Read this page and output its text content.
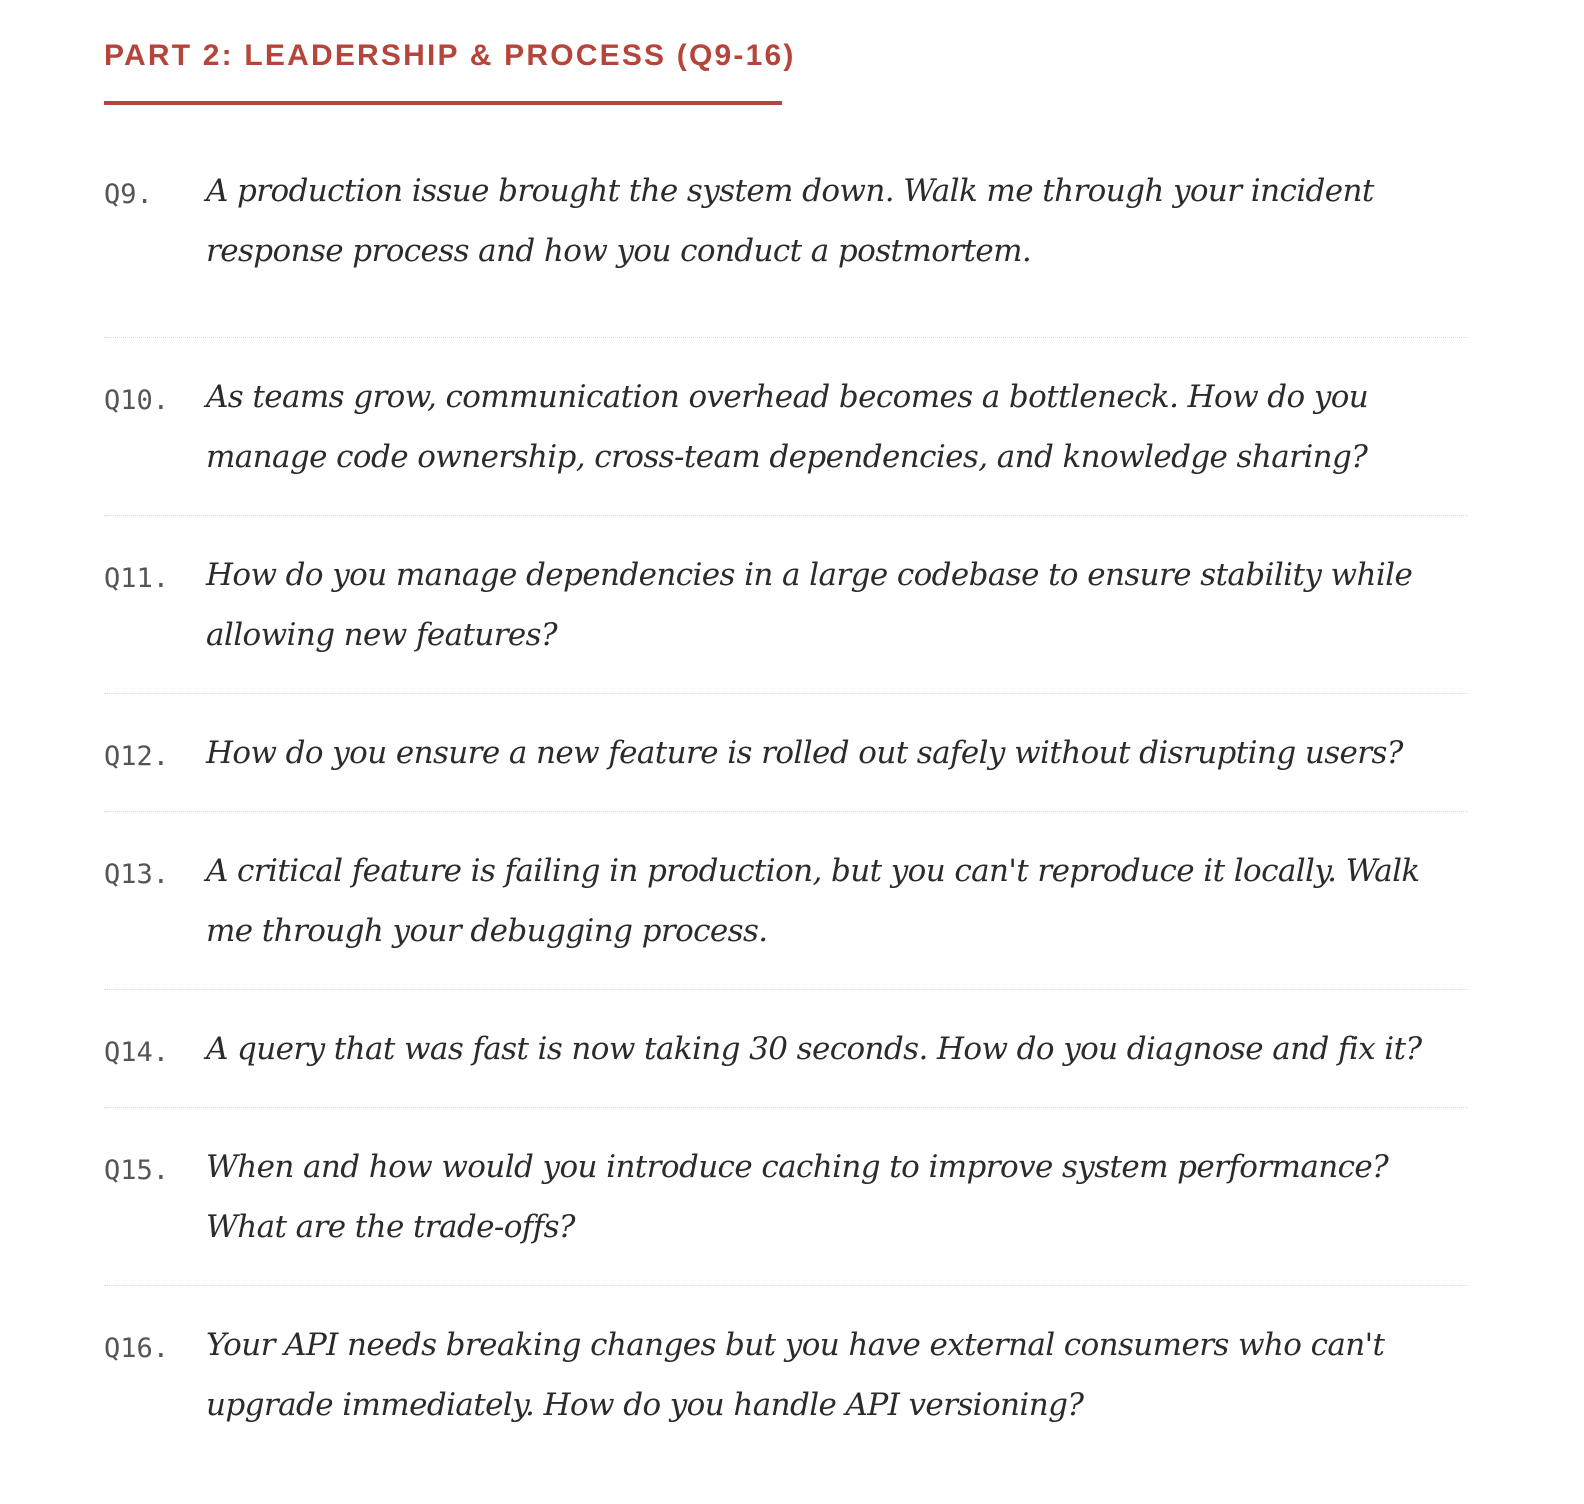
PART 2: LEADERSHIP & PROCESS (Q9-16)
Q9.	A production issue brought the system down. Walk me through your incident response process and how you conduct a postmortem.

Q10.	As teams grow, communication overhead becomes a bottleneck. How do you manage code ownership, cross-team dependencies, and knowledge sharing?

Q11.	How do you manage dependencies in a large codebase to ensure stability while allowing new features?

Q12.	How do you ensure a new feature is rolled out safely without disrupting users?

Q13.	A critical feature is failing in production, but you can't reproduce it locally. Walk me through your debugging process.

Q14.	A query that was fast is now taking 30 seconds. How do you diagnose and fix it?

Q15.	When and how would you introduce caching to improve system performance? What are the trade-offs?

Q16.	Your API needs breaking changes but you have external consumers who can't upgrade immediately. How do you handle API versioning?
